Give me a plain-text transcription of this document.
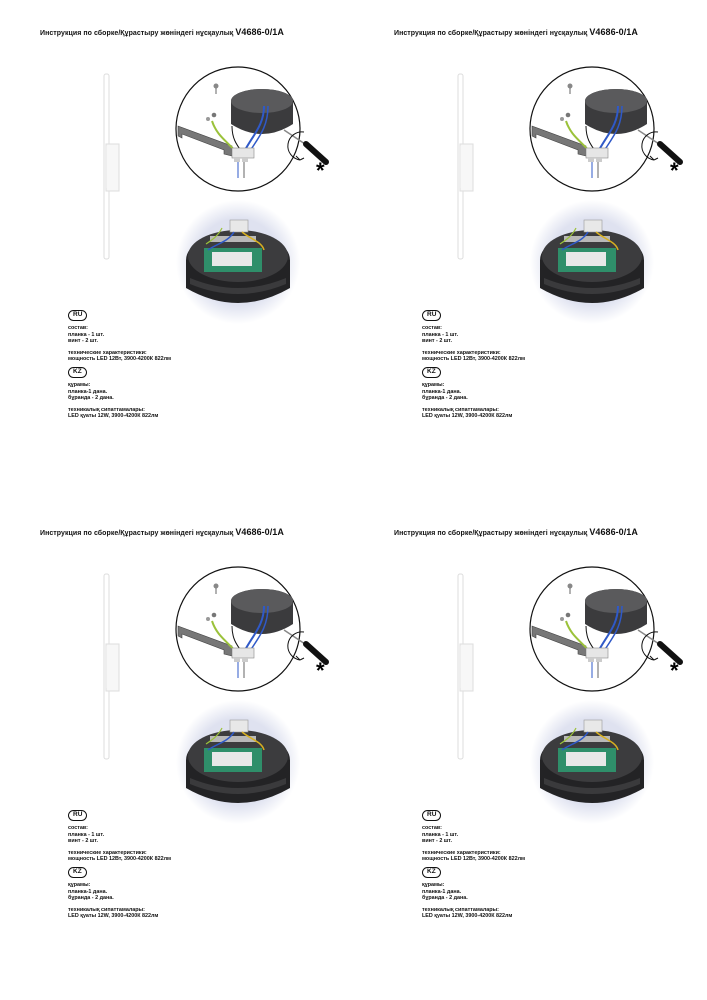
Инструкция по сборке/Құрастыру жөніндегі нұсқаулық V4686-0/1A
*
RU
состав:
планка - 1 шт.
винт - 2 шт.
технические характеристики:
мощность LED 12Вт, 3900-4200К 822лм
KZ
құрамы:
планка-1 дана.
бұранда - 2 дана.
техникалық сипаттамалары:
LED қуаты 12W, 3900-4200К 822лм
Инструкция по сборке/Құрастыру жөніндегі нұсқаулық V4686-0/1A
*
RU
состав:
планка - 1 шт.
винт - 2 шт.
технические характеристики:
мощность LED 12Вт, 3900-4200К 822лм
KZ
құрамы:
планка-1 дана.
бұранда - 2 дана.
техникалық сипаттамалары:
LED қуаты 12W, 3900-4200К 822лм
Инструкция по сборке/Құрастыру жөніндегі нұсқаулық V4686-0/1A
*
RU
состав:
планка - 1 шт.
винт - 2 шт.
технические характеристики:
мощность LED 12Вт, 3900-4200К 822лм
KZ
құрамы:
планка-1 дана.
бұранда - 2 дана.
техникалық сипаттамалары:
LED қуаты 12W, 3900-4200К 822лм
Инструкция по сборке/Құрастыру жөніндегі нұсқаулық V4686-0/1A
*
RU
состав:
планка - 1 шт.
винт - 2 шт.
технические характеристики:
мощность LED 12Вт, 3900-4200К 822лм
KZ
құрамы:
планка-1 дана.
бұранда - 2 дана.
техникалық сипаттамалары:
LED қуаты 12W, 3900-4200К 822лм
